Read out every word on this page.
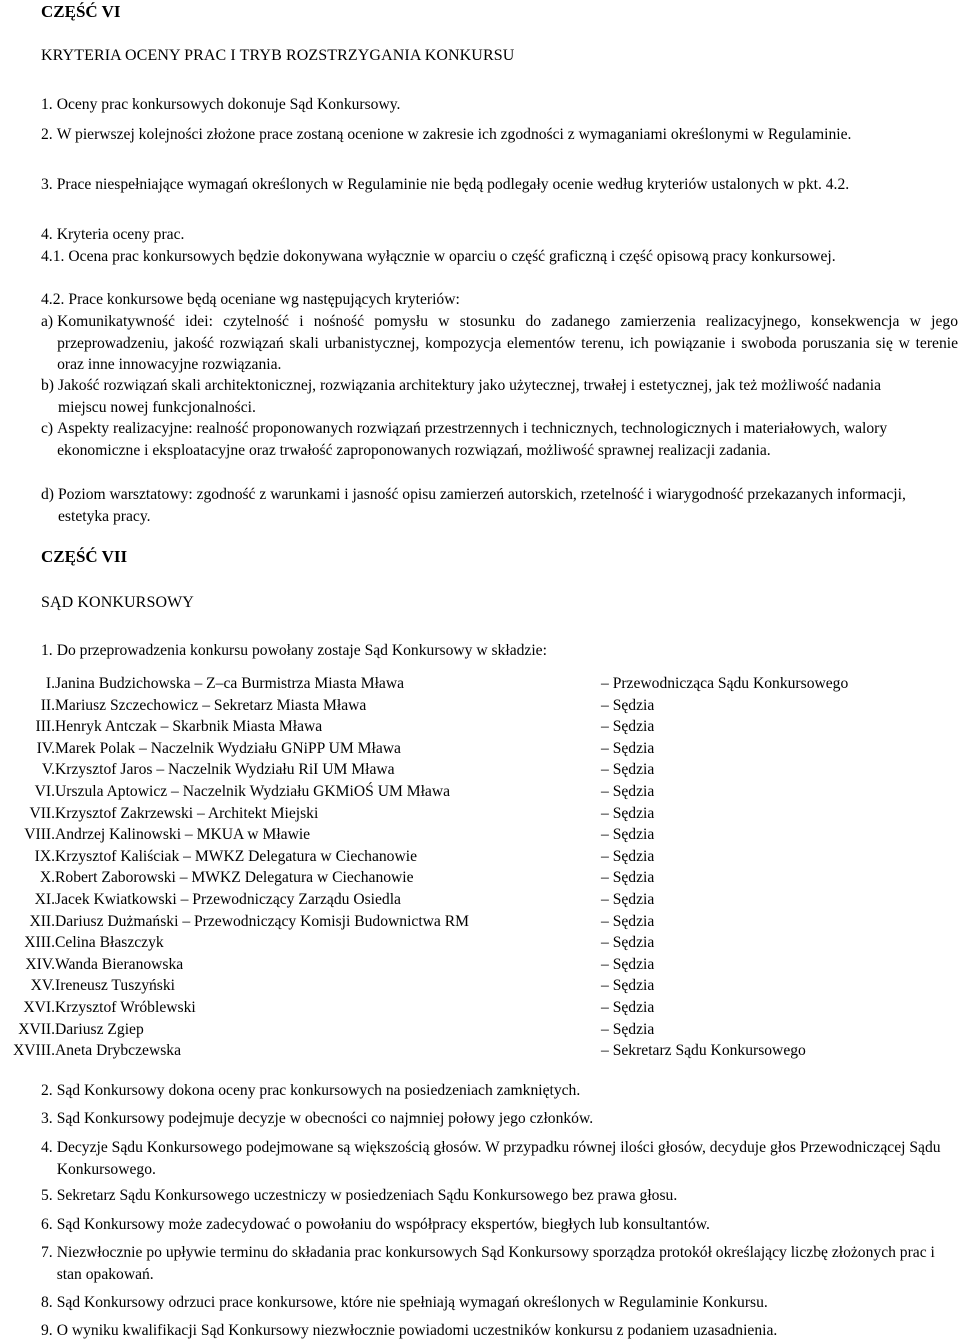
CZĘŚĆ VI
KRYTERIA OCENY PRAC I TRYB ROZSTRZYGANIA KONKURSU
1. Oceny prac konkursowych dokonuje Sąd Konkursowy.
2. W pierwszej kolejności złożone prace zostaną ocenione w zakresie ich zgodności z wymaganiami określonymi w Regulaminie.
3. Prace niespełniające wymagań określonych w Regulaminie nie będą podlegały ocenie według kryteriów ustalonych w pkt. 4.2.
4. Kryteria oceny prac.
4.1. Ocena prac konkursowych będzie dokonywana wyłącznie w oparciu o część graficzną i część opisową pracy konkursowej.
4.2. Prace konkursowe będą oceniane wg następujących kryteriów:
a) Komunikatywność idei: czytelność i nośność pomysłu w stosunku do zadanego zamierzenia realizacyjnego, konsekwencja w jego przeprowadzeniu, jakość rozwiązań skali urbanistycznej, kompozycja elementów terenu, ich powiązanie i swoboda poruszania się w terenie oraz inne innowacyjne rozwiązania.
b) Jakość rozwiązań skali architektonicznej, rozwiązania architektury jako użytecznej, trwałej i estetycznej, jak też możliwość nadania miejscu nowej funkcjonalności.
c) Aspekty realizacyjne: realność proponowanych rozwiązań przestrzennych i technicznych, technologicznych i materiałowych, walory ekonomiczne i eksploatacyjne oraz trwałość zaproponowanych rozwiązań, możliwość sprawnej realizacji zadania.
d) Poziom warsztatowy: zgodność z warunkami i jasność opisu zamierzeń autorskich, rzetelność i wiarygodność przekazanych informacji, estetyka pracy.
CZĘŚĆ VII
SĄD KONKURSOWY
1. Do przeprowadzenia konkursu powołany zostaje Sąd Konkursowy w składzie:
I.	Janina Budzichowska – Z–ca Burmistrza Miasta Mława	– Przewodnicząca Sądu Konkursowego
II.	Mariusz Szczechowicz – Sekretarz Miasta Mława	– Sędzia
III.	Henryk Antczak – Skarbnik Miasta Mława	– Sędzia
IV.	Marek Polak – Naczelnik Wydziału GNiPP UM Mława	– Sędzia
V.	Krzysztof Jaros – Naczelnik Wydziału RiI UM Mława	– Sędzia
VI.	Urszula Aptowicz – Naczelnik Wydziału GKMiOŚ UM Mława	– Sędzia
VII.	Krzysztof Zakrzewski – Architekt Miejski	– Sędzia
VIII.	Andrzej Kalinowski – MKUA w Mławie	– Sędzia
IX.	Krzysztof Kaliściak – MWKZ Delegatura w Ciechanowie	– Sędzia
X.	Robert Zaborowski – MWKZ Delegatura w Ciechanowie	– Sędzia
XI.	Jacek Kwiatkowski – Przewodniczący Zarządu Osiedla	– Sędzia
XII.	Dariusz Dużmański – Przewodniczący Komisji Budownictwa RM	– Sędzia
XIII.	Celina Błaszczyk	– Sędzia
XIV.	Wanda Bieranowska	– Sędzia
XV.	Ireneusz Tuszyński	– Sędzia
XVI.	Krzysztof Wróblewski	– Sędzia
XVII.	Dariusz Zgiep	– Sędzia
XVIII.	Aneta Drybczewska	– Sekretarz Sądu Konkursowego
2. Sąd Konkursowy dokona oceny prac konkursowych na posiedzeniach zamkniętych.
3. Sąd Konkursowy podejmuje decyzje w obecności co najmniej połowy jego członków.
4. Decyzje Sądu Konkursowego podejmowane są większością głosów. W przypadku równej ilości głosów, decyduje głos Przewodniczącej Sądu Konkursowego.
5. Sekretarz Sądu Konkursowego uczestniczy w posiedzeniach Sądu Konkursowego bez prawa głosu.
6. Sąd Konkursowy może zadecydować o powołaniu do współpracy ekspertów, biegłych lub konsultantów.
7. Niezwłocznie po upływie terminu do składania prac konkursowych Sąd Konkursowy sporządza protokół określający liczbę złożonych prac i stan opakowań.
8. Sąd Konkursowy odrzuci prace konkursowe, które nie spełniają wymagań określonych w Regulaminie Konkursu.
9. O wyniku kwalifikacji Sąd Konkursowy niezwłocznie powiadomi uczestników konkursu z podaniem uzasadnienia.
